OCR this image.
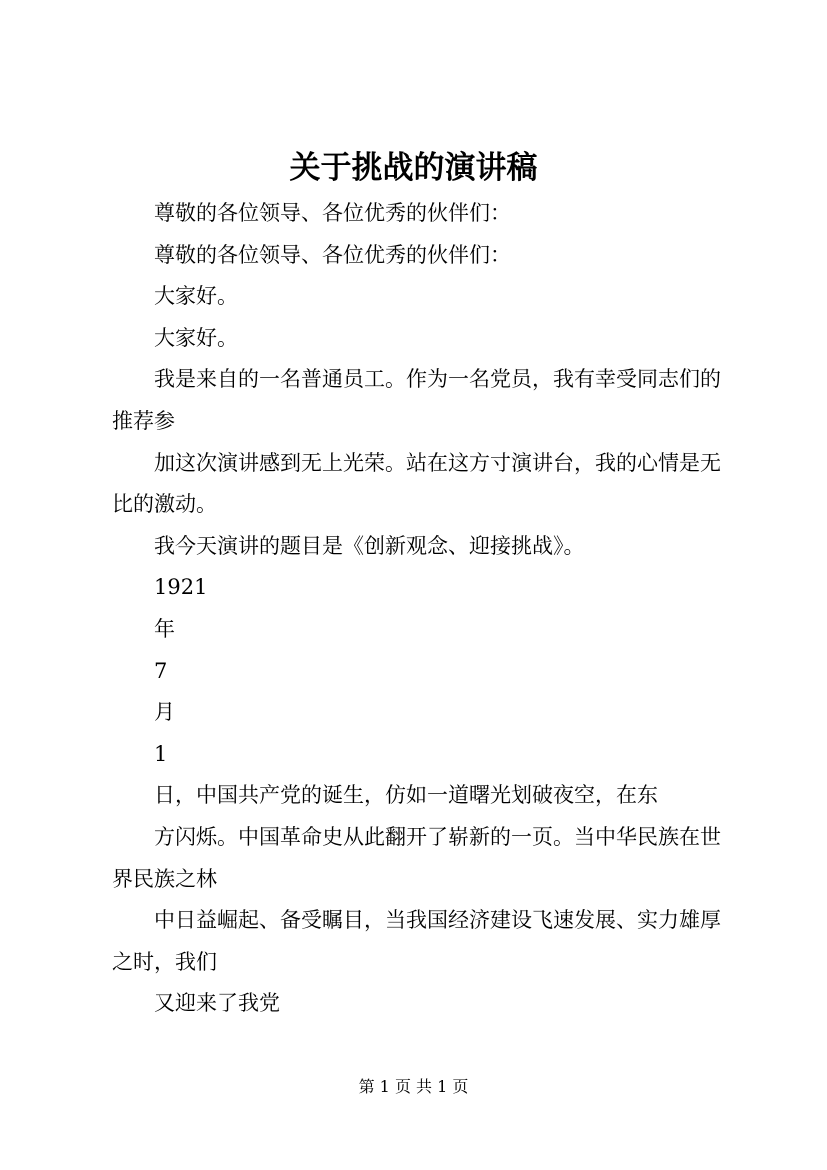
关于挑战的演讲稿

尊敬的各位领导、各位优秀的伙伴们：

尊敬的各位领导、各位优秀的伙伴们：

大家好。

大家好。

我是来自的一名普通员工。作为一名党员，我有幸受同志们的推荐参

加这次演讲感到无上光荣。站在这方寸演讲台，我的心情是无比的激动。

我今天演讲的题目是《创新观念、迎接挑战》。

1921

年

7

月

1

日，中国共产党的诞生，仿如一道曙光划破夜空，在东

方闪烁。中国革命史从此翻开了崭新的一页。当中华民族在世界民族之林

中日益崛起、备受瞩目，当我国经济建设飞速发展、实力雄厚之时，我们

又迎来了我党

第 1 页 共 1 页
